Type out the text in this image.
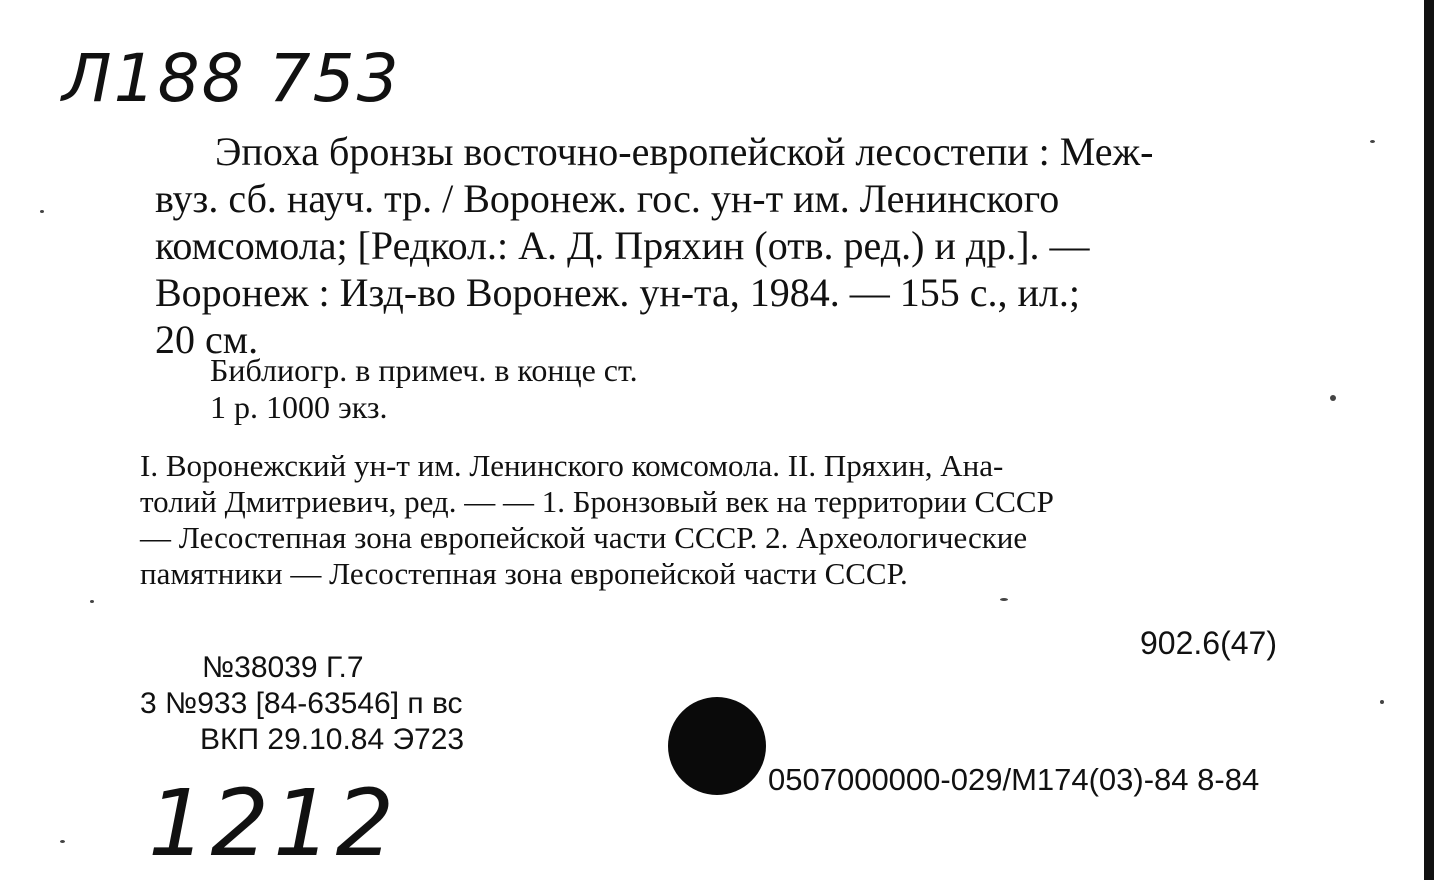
Л188 753
Эпоха бронзы восточно-европейской лесостепи : Меж-
вуз. сб. науч. тр. / Воронеж. гос. ун-т им. Ленинского
комсомола; [Редкол.: А. Д. Пряхин (отв. ред.) и др.]. —
Воронеж : Изд-во Воронеж. ун-та, 1984. — 155 с., ил.;
20 см.
Библиогр. в примеч. в конце ст.
1 р. 1000 экз.
I. Воронежский ун-т им. Ленинского комсомола. II. Пряхин, Ана-
толий Дмитриевич, ред. — — 1. Бронзовый век на территории СССР
— Лесостепная зона европейской части СССР. 2. Археологические
памятники — Лесостепная зона европейской части СССР.
902.6(47)
№38039 Г.7
3 №933 [84-63546] п вс
ВКП 29.10.84 Э723
0507000000-029/М174(03)-84 8-84
1212
